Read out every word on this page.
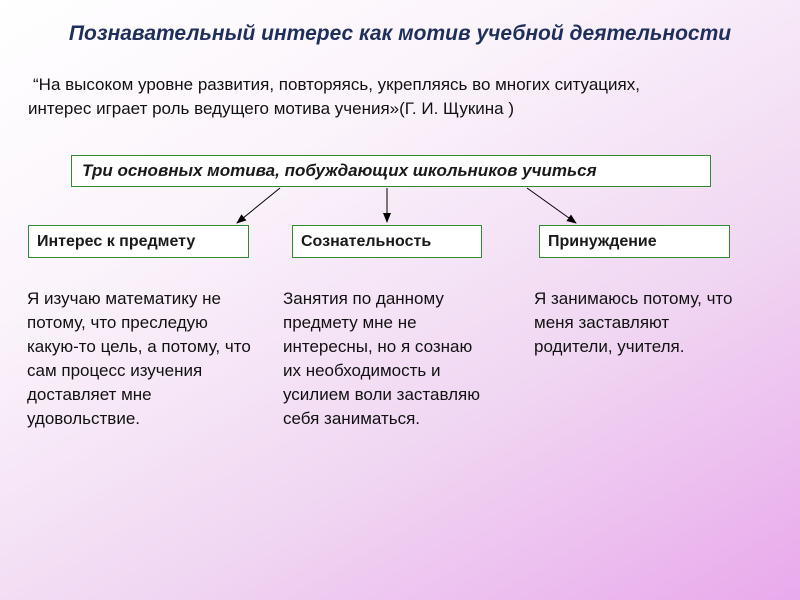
Познавательный интерес как мотив учебной деятельности
“На высоком уровне развития, повторяясь, укрепляясь во многих ситуациях,
интерес играет роль ведущего мотива учения»(Г. И. Щукина )
Три основных мотива, побуждающих школьников учиться
Интерес к предмету	Сознательность	Принуждение
Я изучаю математику не потому, что преследую какую-то цель, а потому, что сам процесс изучения доставляет мне удовольствие.
Занятия по данному предмету мне не интересны, но я сознаю их необходимость и усилием воли заставляю себя заниматься.
Я занимаюсь потому, что меня заставляют родители, учителя.
